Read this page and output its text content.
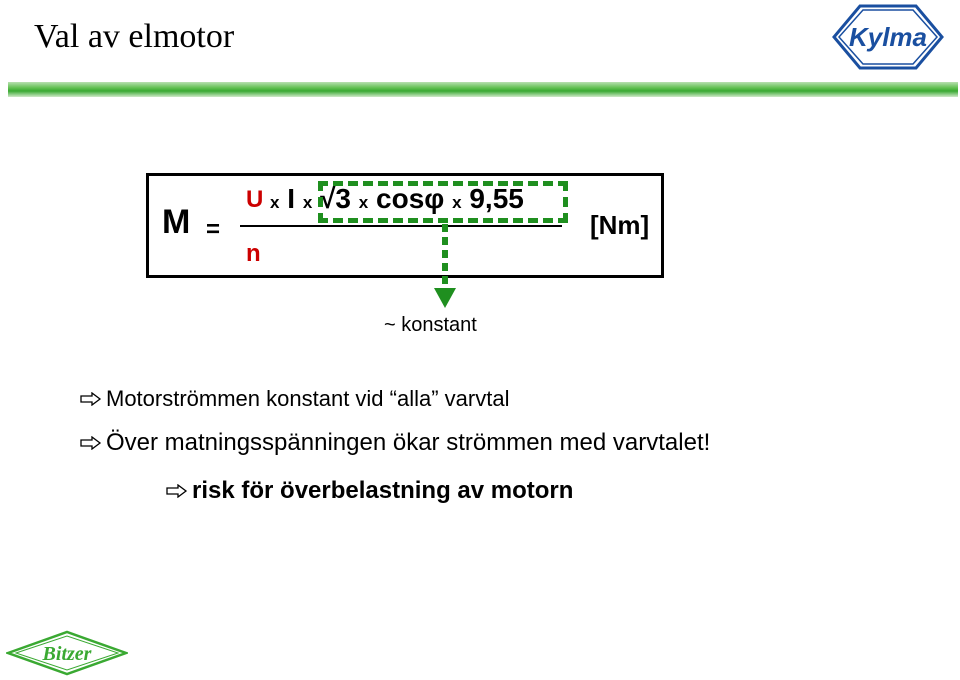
Val av elmotor	Kylma
M =
U x I x √3 x cosφ x 9,55
n
[Nm]
~ konstant
Motorströmmen konstant vid “alla” varvtal
Över matningsspänningen ökar strömmen med varvtalet!
risk för överbelastning av motorn
Bitzer
